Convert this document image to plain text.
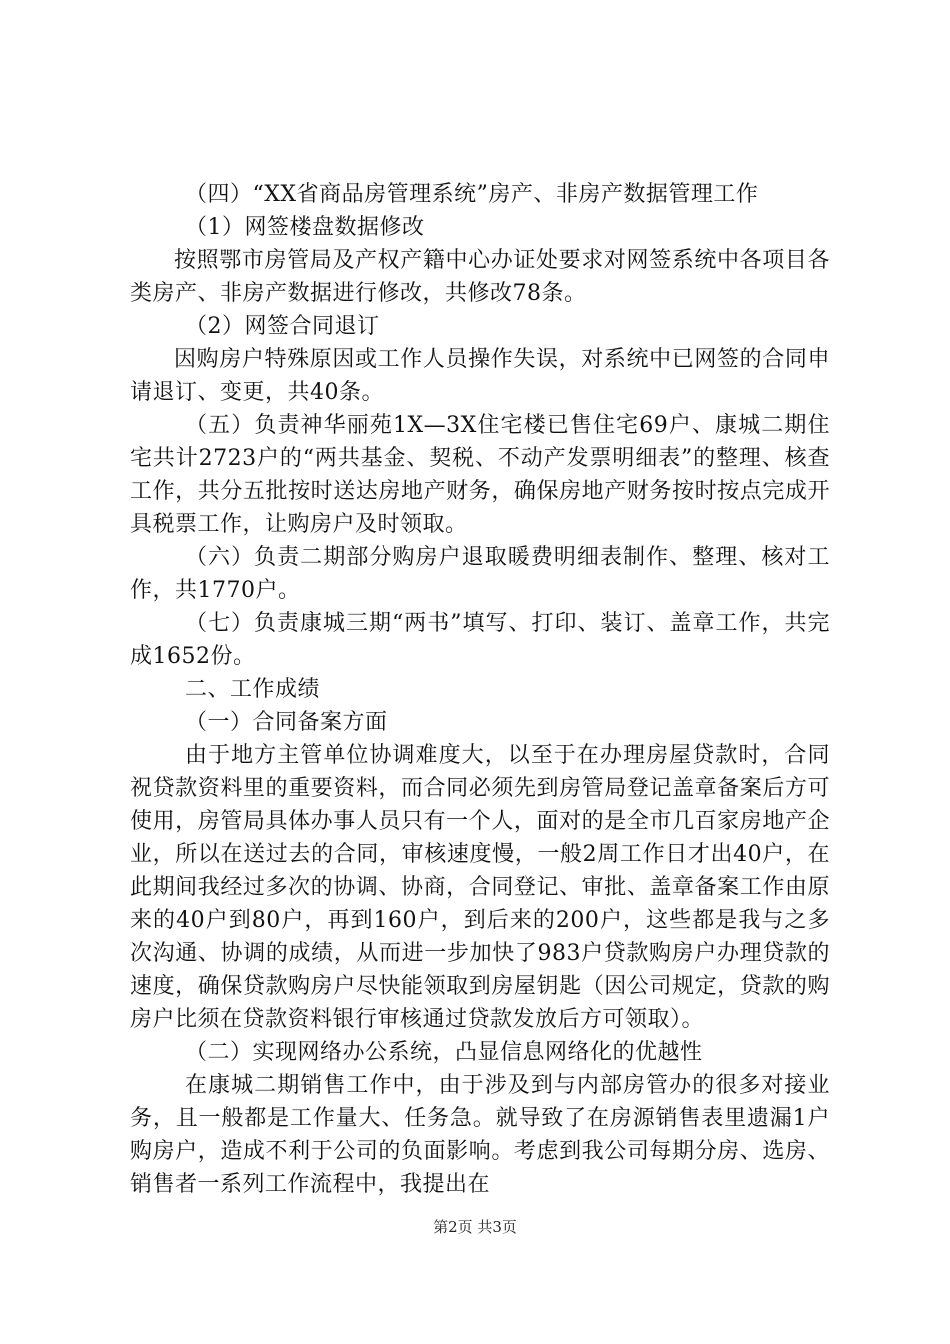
（四）“XX省商品房管理系统”房产、非房产数据管理工作

（1）网签楼盘数据修改

按照鄂市房管局及产权产籍中心办证处要求对网签系统中各项目各类房产、非房产数据进行修改，共修改78条。

（2）网签合同退订

因购房户特殊原因或工作人员操作失误，对系统中已网签的合同申请退订、变更，共40条。

（五）负责神华丽苑1X—3X住宅楼已售住宅69户、康城二期住宅共计2723户的“两共基金、契税、不动产发票明细表”的整理、核查工作，共分五批按时送达房地产财务，确保房地产财务按时按点完成开具税票工作，让购房户及时领取。

（六）负责二期部分购房户退取暖费明细表制作、整理、核对工作，共1770户。

（七）负责康城三期“两书”填写、打印、装订、盖章工作，共完成1652份。

二、工作成绩

（一）合同备案方面

由于地方主管单位协调难度大，以至于在办理房屋贷款时，合同祝贷款资料里的重要资料，而合同必须先到房管局登记盖章备案后方可使用，房管局具体办事人员只有一个人，面对的是全市几百家房地产企业，所以在送过去的合同，审核速度慢，一般2周工作日才出40户，在此期间我经过多次的协调、协商，合同登记、审批、盖章备案工作由原来的40户到80户，再到160户，到后来的200户，这些都是我与之多次沟通、协调的成绩，从而进一步加快了983户贷款购房户办理贷款的速度，确保贷款购房户尽快能领取到房屋钥匙（因公司规定，贷款的购房户比须在贷款资料银行审核通过贷款发放后方可领取）。

（二）实现网络办公系统，凸显信息网络化的优越性

在康城二期销售工作中，由于涉及到与内部房管办的很多对接业务，且一般都是工作量大、任务急。就导致了在房源销售表里遗漏1户购房户，造成不利于公司的负面影响。考虑到我公司每期分房、选房、销售者一系列工作流程中，我提出在

第2页 共3页
